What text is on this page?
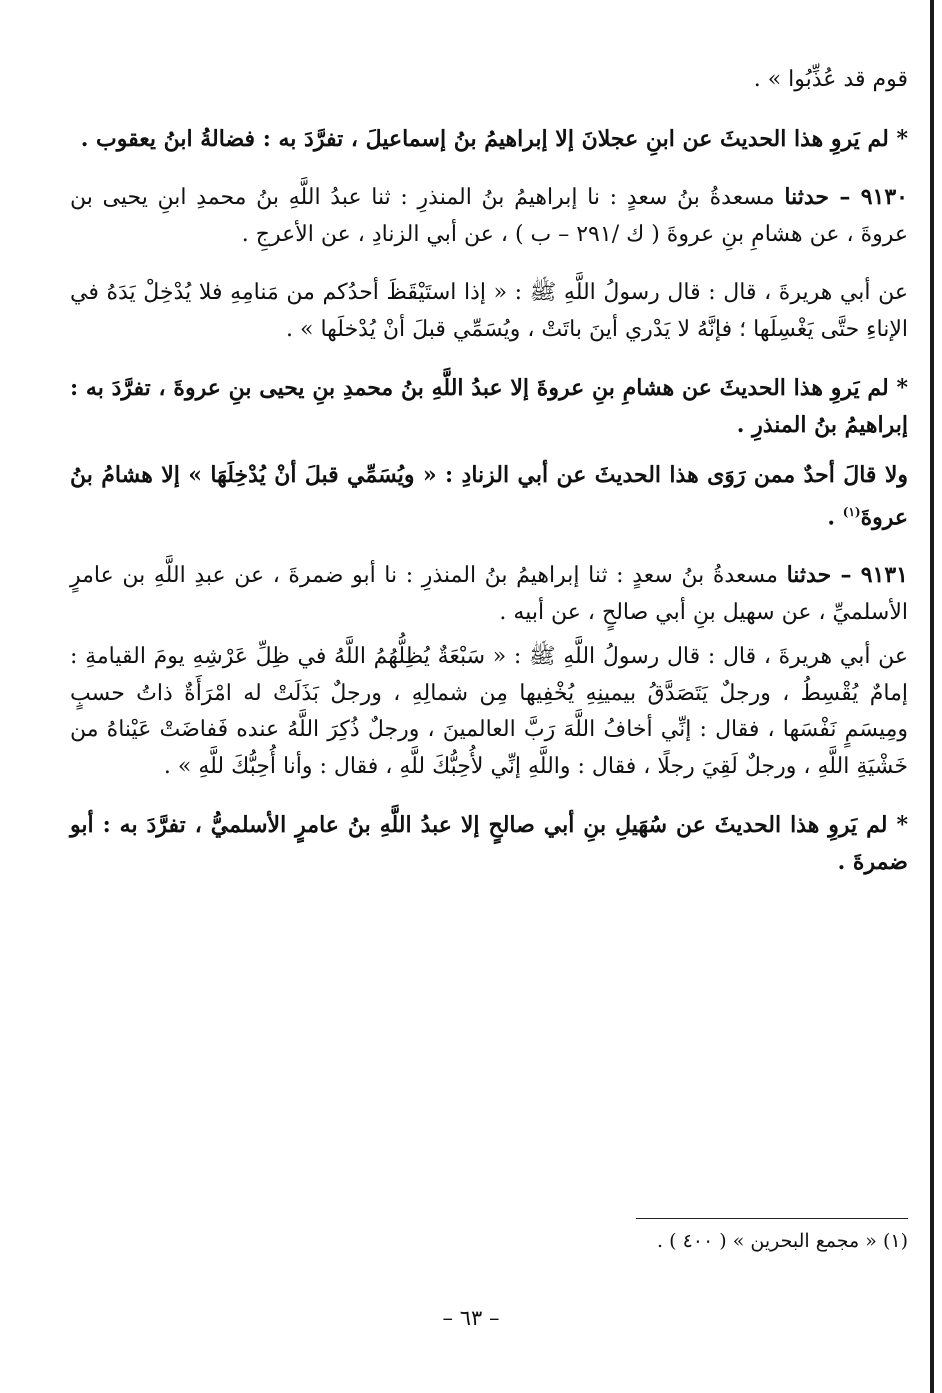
قوم قد عُذِّبُوا » .

* لم يَروِ هذا الحديثَ عن ابنِ عجلانَ إلا إبراهيمُ بنُ إسماعيلَ ، تفرَّدَ به : فضالةُ ابنُ يعقوب .

٩١٣٠ – حدثنا مسعدةُ بنُ سعدٍ : نا إبراهيمُ بنُ المنذرِ : ثنا عبدُ اللَّهِ بنُ محمدِ ابنِ يحيى بن عروةَ ، عن هشامِ بنِ عروةَ ( ك /٢٩١ – ب ) ، عن أبي الزنادِ ، عن الأعرجِ .

عن أبي هريرةَ ، قال : قال رسولُ اللَّهِ ﷺ : « إذا استَيْقَظَ أحدُكم من مَنامِهِ فلا يُدْخِلْ يَدَهُ في الإناءِ حتَّى يَغْسِلَها ؛ فإنَّهُ لا يَدْري أينَ باتَتْ ، ويُسَمِّي قبلَ أنْ يُدْخلَها » .

* لم يَروِ هذا الحديثَ عن هشامِ بنِ عروةَ إلا عبدُ اللَّهِ بنُ محمدِ بنِ يحيى بنِ عروةَ ، تفرَّدَ به : إبراهيمُ بنُ المنذرِ .

ولا قالَ أحدٌ ممن رَوَى هذا الحديثَ عن أبي الزنادِ : « ويُسَمِّي قبلَ أنْ يُدْخِلَهَا » إلا هشامُ بنُ عروةَ$^{(١)}$ .

٩١٣١ – حدثنا مسعدةُ بنُ سعدٍ : ثنا إبراهيمُ بنُ المنذرِ : نا أبو ضمرةَ ، عن عبدِ اللَّهِ بن عامرٍ الأسلميِّ ، عن سهيل بنِ أبي صالحٍ ، عن أبيه .

عن أبي هريرةَ ، قال : قال رسولُ اللَّهِ ﷺ : « سَبْعَةٌ يُظِلُّهُمُ اللَّهُ في ظِلِّ عَرْشِهِ يومَ القيامةِ : إمامٌ يُقْسِطُ ، ورجلٌ يَتَصَدَّقُ بيمينِهِ يُخْفِيها مِن شمالِهِ ، ورجلٌ بَذَلَتْ له امْرَأَةٌ ذاتُ حسبٍ ومِيسَمٍ نَفْسَها ، فقال : إنِّي أخافُ اللَّهَ رَبَّ العالمينَ ، ورجلٌ ذُكِرَ اللَّهُ عنده فَفاضَتْ عَيْناهُ من خَشْيَةِ اللَّهِ ، ورجلٌ لَقِيَ رجلًا ، فقال : واللَّهِ إنِّي لأُحِبُّكَ للَّهِ ، فقال : وأنا أُحِبُّكَ للَّهِ » .

* لم يَروِ هذا الحديثَ عن سُهَيلِ بنِ أبي صالحٍ إلا عبدُ اللَّهِ بنُ عامرٍ الأسلميُّ ، تفرَّدَ به : أبو ضمرةَ .

(١) « مجمع البحرين » ( ٤٠٠ ) .

– ٦٣ –
